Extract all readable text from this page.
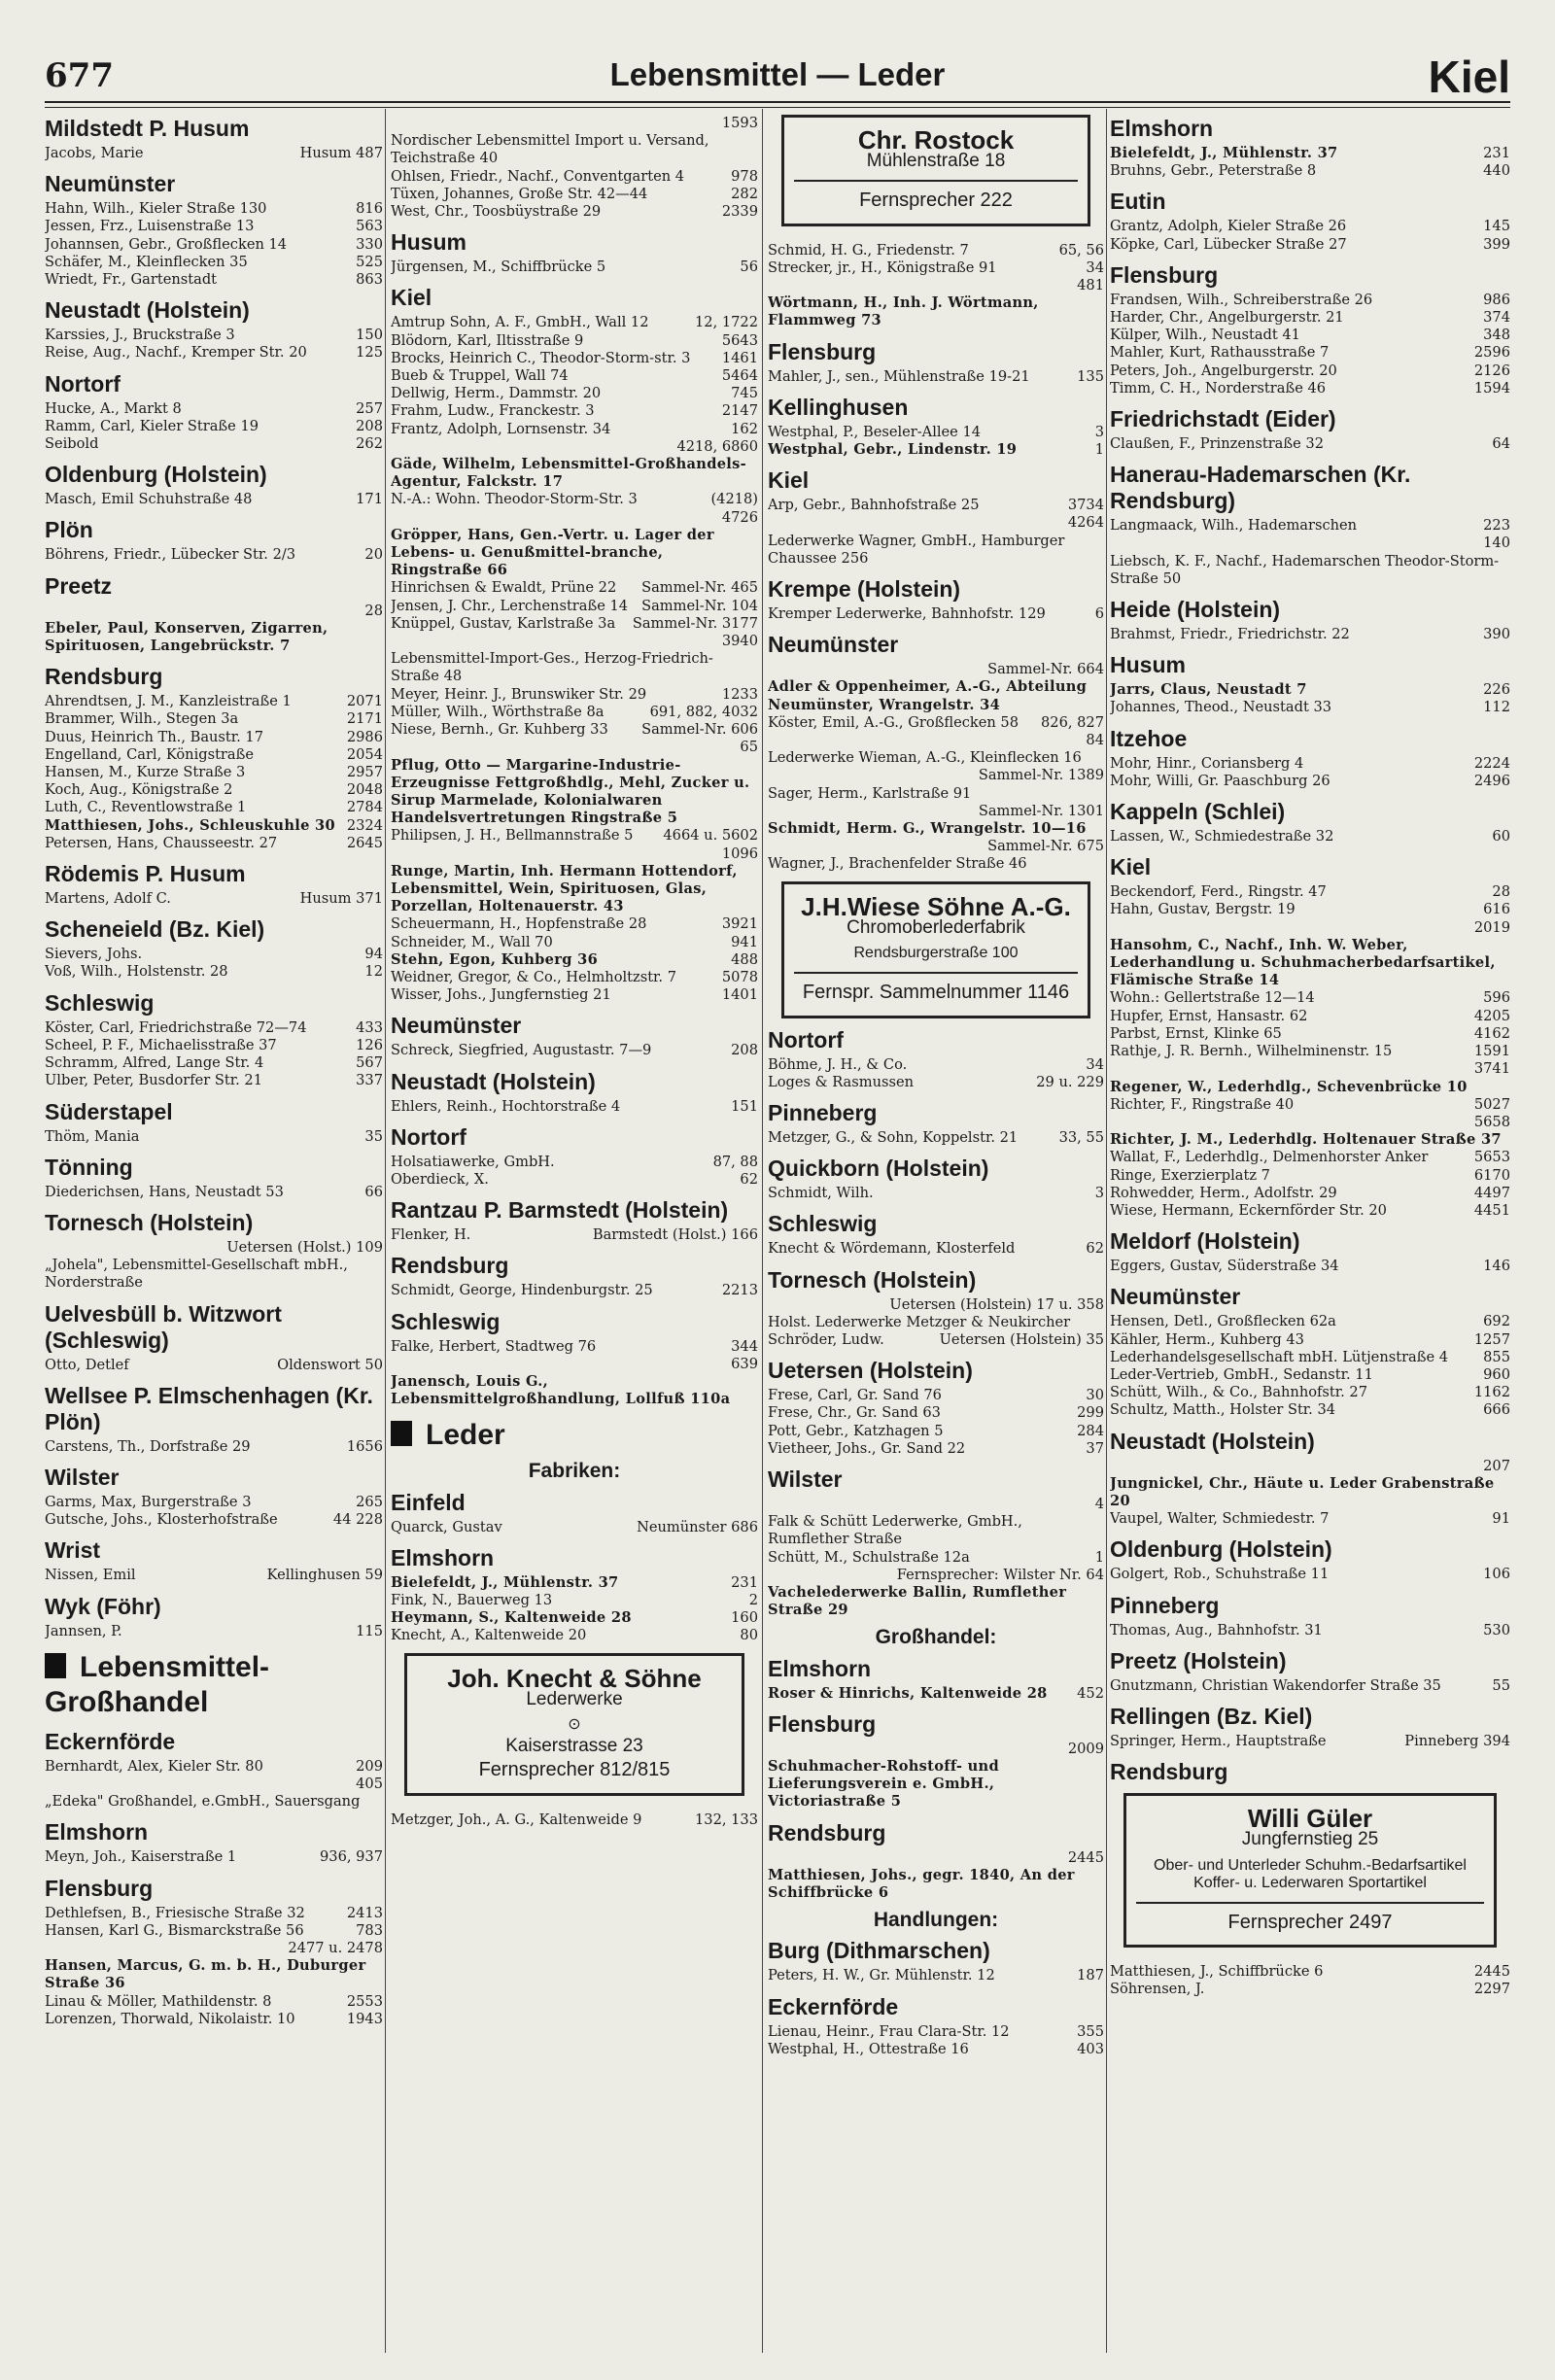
677	Lebensmittel — Leder	Kiel
Mildstedt P. Husum
Husum 487
Jacobs, Marie
Neumünster
816
Hahn, Wilh., Kieler Straße 130
563
Jessen, Frz., Luisenstraße 13
330
Johannsen, Gebr., Großflecken 14
525
Schäfer, M., Kleinflecken 35
863
Wriedt, Fr., Gartenstadt
Neustadt (Holstein)
150
Karssies, J., Bruckstraße 3
125
Reise, Aug., Nachf., Kremper Str. 20
Nortorf
257
Hucke, A., Markt 8
208
Ramm, Carl, Kieler Straße 19
262
Seibold
Oldenburg (Holstein)
171
Masch, Emil Schuhstraße 48
Plön
20
Böhrens, Friedr., Lübecker Str. 2/3
Preetz
28
Ebeler, Paul, Konserven, Zigarren, Spirituosen, Langebrückstr. 7
Rendsburg
2071
Ahrendtsen, J. M., Kanzleistraße 1
2171
Brammer, Wilh., Stegen 3a
2986
Duus, Heinrich Th., Baustr. 17
2054
Engelland, Carl, Königstraße
2957
Hansen, M., Kurze Straße 3
2048
Koch, Aug., Königstraße 2
2784
Luth, C., Reventlowstraße 1
2324
Matthiesen, Johs., Schleuskuhle 30
2645
Petersen, Hans, Chausseestr. 27
Rödemis P. Husum
Husum 371
Martens, Adolf C.
Scheneield (Bz. Kiel)
94
Sievers, Johs.
12
Voß, Wilh., Holstenstr. 28
Schleswig
433
Köster, Carl, Friedrichstraße 72—74
126
Scheel, P. F., Michaelisstraße 37
567
Schramm, Alfred, Lange Str. 4
337
Ulber, Peter, Busdorfer Str. 21
Süderstapel
35
Thöm, Mania
Tönning
66
Diederichsen, Hans, Neustadt 53
Tornesch (Holstein)
Uetersen (Holst.) 109
„Johela", Lebensmittel-Gesellschaft mbH., Norderstraße
Uelvesbüll b. Witzwort (Schleswig)
Oldenswort 50
Otto, Detlef
Wellsee P. Elmschenhagen (Kr. Plön)
1656
Carstens, Th., Dorfstraße 29
Wilster
265
Garms, Max, Burgerstraße 3
44 228
Gutsche, Johs., Klosterhofstraße
Wrist
Kellinghusen 59
Nissen, Emil
Wyk (Föhr)
115
Jannsen, P.
Lebensmittel-Großhandel
Eckernförde
209
Bernhardt, Alex, Kieler Str. 80
405
„Edeka" Großhandel, e.GmbH., Sauersgang
Elmshorn
936, 937
Meyn, Joh., Kaiserstraße 1
Flensburg
2413
Dethlefsen, B., Friesische Straße 32
783
Hansen, Karl G., Bismarckstraße 56
2477 u. 2478
Hansen, Marcus, G. m. b. H., Duburger Straße 36
2553
Linau & Möller, Mathildenstr. 8
1943
Lorenzen, Thorwald, Nikolaistr. 10
1593
Nordischer Lebensmittel Import u. Versand, Teichstraße 40
978
Ohlsen, Friedr., Nachf., Conventgarten 4
282
Tüxen, Johannes, Große Str. 42—44
2339
West, Chr., Toosbüystraße 29
Husum
56
Jürgensen, M., Schiffbrücke 5
Kiel
12, 1722
Amtrup Sohn, A. F., GmbH., Wall 12
5643
Blödorn, Karl, Iltisstraße 9
1461
Brocks, Heinrich C., Theodor-Storm-str. 3
5464
Bueb & Truppel, Wall 74
745
Dellwig, Herm., Dammstr. 20
2147
Frahm, Ludw., Franckestr. 3
162
Frantz, Adolph, Lornsenstr. 34
4218, 6860
Gäde, Wilhelm, Lebensmittel-Großhandels-Agentur, Falckstr. 17
(4218)
N.-A.: Wohn. Theodor-Storm-Str. 3
4726
Gröpper, Hans, Gen.-Vertr. u. Lager der Lebens- u. Genußmittel-branche, Ringstraße 66
Sammel-Nr. 465
Hinrichsen & Ewaldt, Prüne 22
Sammel-Nr. 104
Jensen, J. Chr., Lerchenstraße 14
Sammel-Nr. 3177
Knüppel, Gustav, Karlstraße 3a
3940
Lebensmittel-Import-Ges., Herzog-Friedrich-Straße 48
1233
Meyer, Heinr. J., Brunswiker Str. 29
691, 882, 4032
Müller, Wilh., Wörthstraße 8a
Sammel-Nr. 606
Niese, Bernh., Gr. Kuhberg 33
65
Pflug, Otto — Margarine-Industrie-Erzeugnisse Fettgroßhdlg., Mehl, Zucker u. Sirup Marmelade, Kolonialwaren Handelsvertretungen Ringstraße 5
4664 u. 5602
Philipsen, J. H., Bellmannstraße 5
1096
Runge, Martin, Inh. Hermann Hottendorf, Lebensmittel, Wein, Spirituosen, Glas, Porzellan, Holtenauerstr. 43
3921
Scheuermann, H., Hopfenstraße 28
941
Schneider, M., Wall 70
488
Stehn, Egon, Kuhberg 36
5078
Weidner, Gregor, & Co., Helmholtzstr. 7
1401
Wisser, Johs., Jungfernstieg 21
Neumünster
208
Schreck, Siegfried, Augustastr. 7—9
Neustadt (Holstein)
151
Ehlers, Reinh., Hochtorstraße 4
Nortorf
87, 88
Holsatiawerke, GmbH.
62
Oberdieck, X.
Rantzau P. Barmstedt (Holstein)
Barmstedt (Holst.) 166
Flenker, H.
Rendsburg
2213
Schmidt, George, Hindenburgstr. 25
Schleswig
344
Falke, Herbert, Stadtweg 76
639
Janensch, Louis G., Lebensmittelgroßhandlung, Lollfuß 110a
Leder
Fabriken:
Einfeld
Neumünster 686
Quarck, Gustav
Elmshorn
231
Bielefeldt, J., Mühlenstr. 37
2
Fink, N., Bauerweg 13
160
Heymann, S., Kaltenweide 28
80
Knecht, A., Kaltenweide 20
Joh. Knecht & Söhne
Lederwerke
⊙
Kaiserstrasse 23
Fernsprecher 812/815
132, 133
Metzger, Joh., A. G., Kaltenweide 9
Chr. Rostock
Mühlenstraße 18
Fernsprecher 222
65, 56
Schmid, H. G., Friedenstr. 7
34
Strecker, jr., H., Königstraße 91
481
Wörtmann, H., Inh. J. Wörtmann, Flammweg 73
Flensburg
135
Mahler, J., sen., Mühlenstraße 19-21
Kellinghusen
3
Westphal, P., Beseler-Allee 14
1
Westphal, Gebr., Lindenstr. 19
Kiel
3734
Arp, Gebr., Bahnhofstraße 25
4264
Lederwerke Wagner, GmbH., Hamburger Chaussee 256
Krempe (Holstein)
6
Kremper Lederwerke, Bahnhofstr. 129
Neumünster
Sammel-Nr. 664
Adler & Oppenheimer, A.-G., Abteilung Neumünster, Wrangelstr. 34
826, 827
Köster, Emil, A.-G., Großflecken 58
84
Lederwerke Wieman, A.-G., Kleinflecken 16
Sammel-Nr. 1389
Sager, Herm., Karlstraße 91
Sammel-Nr. 1301
Schmidt, Herm. G., Wrangelstr. 10—16
Sammel-Nr. 675
Wagner, J., Brachenfelder Straße 46
J.H.Wiese Söhne A.-G.
Chromoberlederfabrik
Rendsburgerstraße 100
Fernspr. Sammelnummer 1146
Nortorf
34
Böhme, J. H., & Co.
29 u. 229
Loges & Rasmussen
Pinneberg
33, 55
Metzger, G., & Sohn, Koppelstr. 21
Quickborn (Holstein)
3
Schmidt, Wilh.
Schleswig
62
Knecht & Wördemann, Klosterfeld
Tornesch (Holstein)
Uetersen (Holstein) 17 u. 358
Holst. Lederwerke Metzger & Neukircher
Uetersen (Holstein) 35
Schröder, Ludw.
Uetersen (Holstein)
30
Frese, Carl, Gr. Sand 76
299
Frese, Chr., Gr. Sand 63
284
Pott, Gebr., Katzhagen 5
37
Vietheer, Johs., Gr. Sand 22
Wilster
4
Falk & Schütt Lederwerke, GmbH., Rumflether Straße
1
Schütt, M., Schulstraße 12a
Fernsprecher: Wilster Nr. 64
Vachelederwerke Ballin, Rumflether Straße 29
Großhandel:
Elmshorn
452
Roser & Hinrichs, Kaltenweide 28
Flensburg
2009
Schuhmacher-Rohstoff- und Lieferungsverein e. GmbH., Victoriastraße 5
Rendsburg
2445
Matthiesen, Johs., gegr. 1840, An der Schiffbrücke 6
Handlungen:
Burg (Dithmarschen)
187
Peters, H. W., Gr. Mühlenstr. 12
Eckernförde
355
Lienau, Heinr., Frau Clara-Str. 12
403
Westphal, H., Ottestraße 16
Elmshorn
231
Bielefeldt, J., Mühlenstr. 37
440
Bruhns, Gebr., Peterstraße 8
Eutin
145
Grantz, Adolph, Kieler Straße 26
399
Köpke, Carl, Lübecker Straße 27
Flensburg
986
Frandsen, Wilh., Schreiberstraße 26
374
Harder, Chr., Angelburgerstr. 21
348
Külper, Wilh., Neustadt 41
2596
Mahler, Kurt, Rathausstraße 7
2126
Peters, Joh., Angelburgerstr. 20
1594
Timm, C. H., Norderstraße 46
Friedrichstadt (Eider)
64
Claußen, F., Prinzenstraße 32
Hanerau-Hademarschen (Kr. Rendsburg)
223
Langmaack, Wilh., Hademarschen
140
Liebsch, K. F., Nachf., Hademarschen Theodor-Storm-Straße 50
Heide (Holstein)
390
Brahmst, Friedr., Friedrichstr. 22
Husum
226
Jarrs, Claus, Neustadt 7
112
Johannes, Theod., Neustadt 33
Itzehoe
2224
Mohr, Hinr., Coriansberg 4
2496
Mohr, Willi, Gr. Paaschburg 26
Kappeln (Schlei)
60
Lassen, W., Schmiedestraße 32
Kiel
28
Beckendorf, Ferd., Ringstr. 47
616
Hahn, Gustav, Bergstr. 19
2019
Hansohm, C., Nachf., Inh. W. Weber, Lederhandlung u. Schuhmacherbedarfsartikel, Flämische Straße 14
596
Wohn.: Gellertstraße 12—14
4205
Hupfer, Ernst, Hansastr. 62
4162
Parbst, Ernst, Klinke 65
1591
Rathje, J. R. Bernh., Wilhelminenstr. 15
3741
Regener, W., Lederhdlg., Schevenbrücke 10
5027
Richter, F., Ringstraße 40
5658
Richter, J. M., Lederhdlg. Holtenauer Straße 37
5653
Wallat, F., Lederhdlg., Delmenhorster Anker
6170
Ringe, Exerzierplatz 7
4497
Rohwedder, Herm., Adolfstr. 29
4451
Wiese, Hermann, Eckernförder Str. 20
Meldorf (Holstein)
146
Eggers, Gustav, Süderstraße 34
Neumünster
692
Hensen, Detl., Großflecken 62a
1257
Kähler, Herm., Kuhberg 43
855
Lederhandelsgesellschaft mbH. Lütjenstraße 4
960
Leder-Vertrieb, GmbH., Sedanstr. 11
1162
Schütt, Wilh., & Co., Bahnhofstr. 27
666
Schultz, Matth., Holster Str. 34
Neustadt (Holstein)
207
Jungnickel, Chr., Häute u. Leder Grabenstraße 20
91
Vaupel, Walter, Schmiedestr. 7
Oldenburg (Holstein)
106
Golgert, Rob., Schuhstraße 11
Pinneberg
530
Thomas, Aug., Bahnhofstr. 31
Preetz (Holstein)
55
Gnutzmann, Christian Wakendorfer Straße 35
Rellingen (Bz. Kiel)
Pinneberg 394
Springer, Herm., Hauptstraße
Rendsburg
Willi Güler
Jungfernstieg 25
Ober- und Unterleder Schuhm.-Bedarfsartikel Koffer- u. Lederwaren Sportartikel
Fernsprecher 2497
2445
Matthiesen, J., Schiffbrücke 6
2297
Söhrensen, J.
